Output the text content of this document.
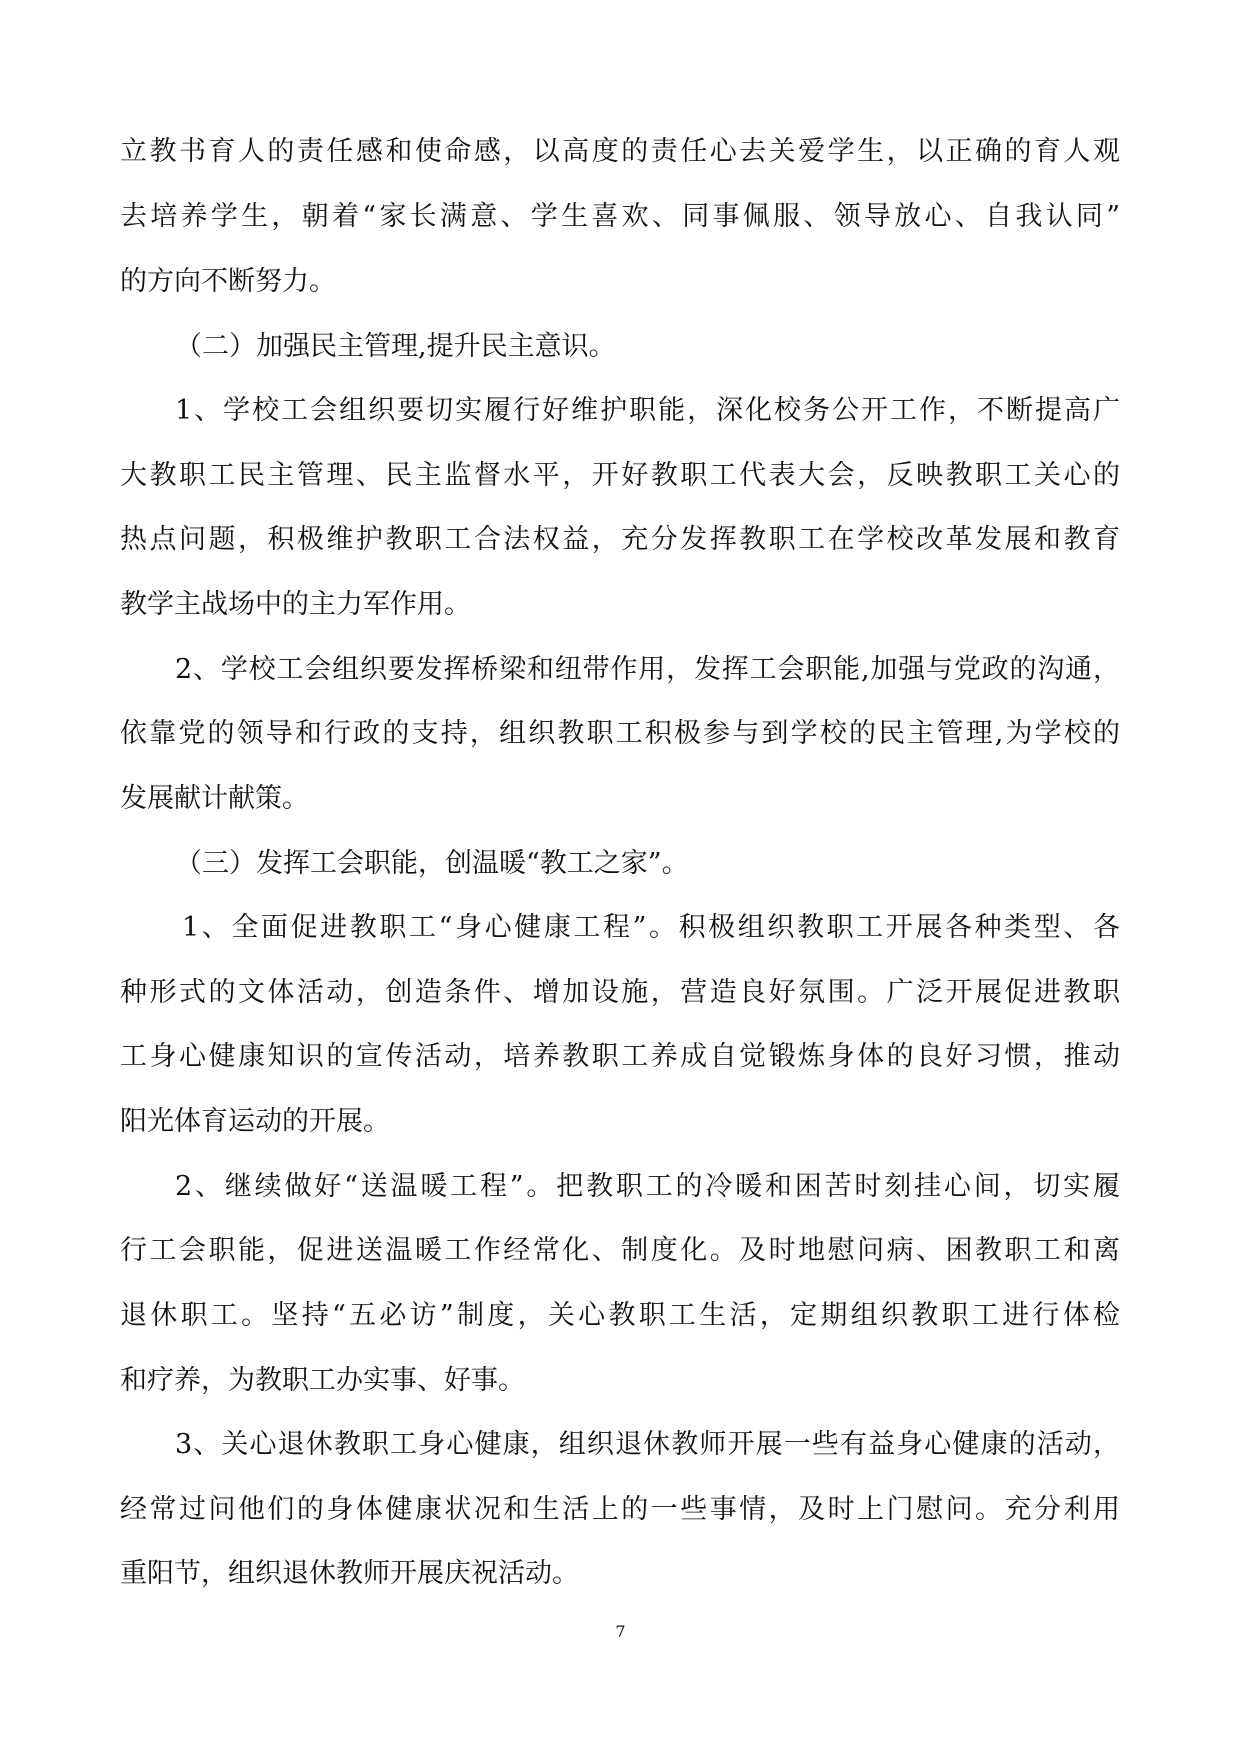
立教书育人的责任感和使命感，以高度的责任心去关爱学生，以正确的育人观
去培养学生，朝着“家长满意、学生喜欢、同事佩服、领导放心、自我认同”
的方向不断努力。
（二）加强民主管理,提升民主意识。
1、学校工会组织要切实履行好维护职能，深化校务公开工作，不断提高广
大教职工民主管理、民主监督水平，开好教职工代表大会，反映教职工关心的
热点问题，积极维护教职工合法权益，充分发挥教职工在学校改革发展和教育
教学主战场中的主力军作用。
2、学校工会组织要发挥桥梁和纽带作用，发挥工会职能,加强与党政的沟通，
依靠党的领导和行政的支持，组织教职工积极参与到学校的民主管理,为学校的
发展献计献策。
（三）发挥工会职能，创温暖“教工之家”。
1、全面促进教职工“身心健康工程”。积极组织教职工开展各种类型、各
种形式的文体活动，创造条件、增加设施，营造良好氛围。广泛开展促进教职
工身心健康知识的宣传活动，培养教职工养成自觉锻炼身体的良好习惯，推动
阳光体育运动的开展。
2、继续做好“送温暖工程”。把教职工的冷暖和困苦时刻挂心间，切实履
行工会职能，促进送温暖工作经常化、制度化。及时地慰问病、困教职工和离
退休职工。坚持“五必访”制度，关心教职工生活，定期组织教职工进行体检
和疗养，为教职工办实事、好事。
3、关心退休教职工身心健康，组织退休教师开展一些有益身心健康的活动，
经常过问他们的身体健康状况和生活上的一些事情，及时上门慰问。充分利用
重阳节，组织退休教师开展庆祝活动。
7
